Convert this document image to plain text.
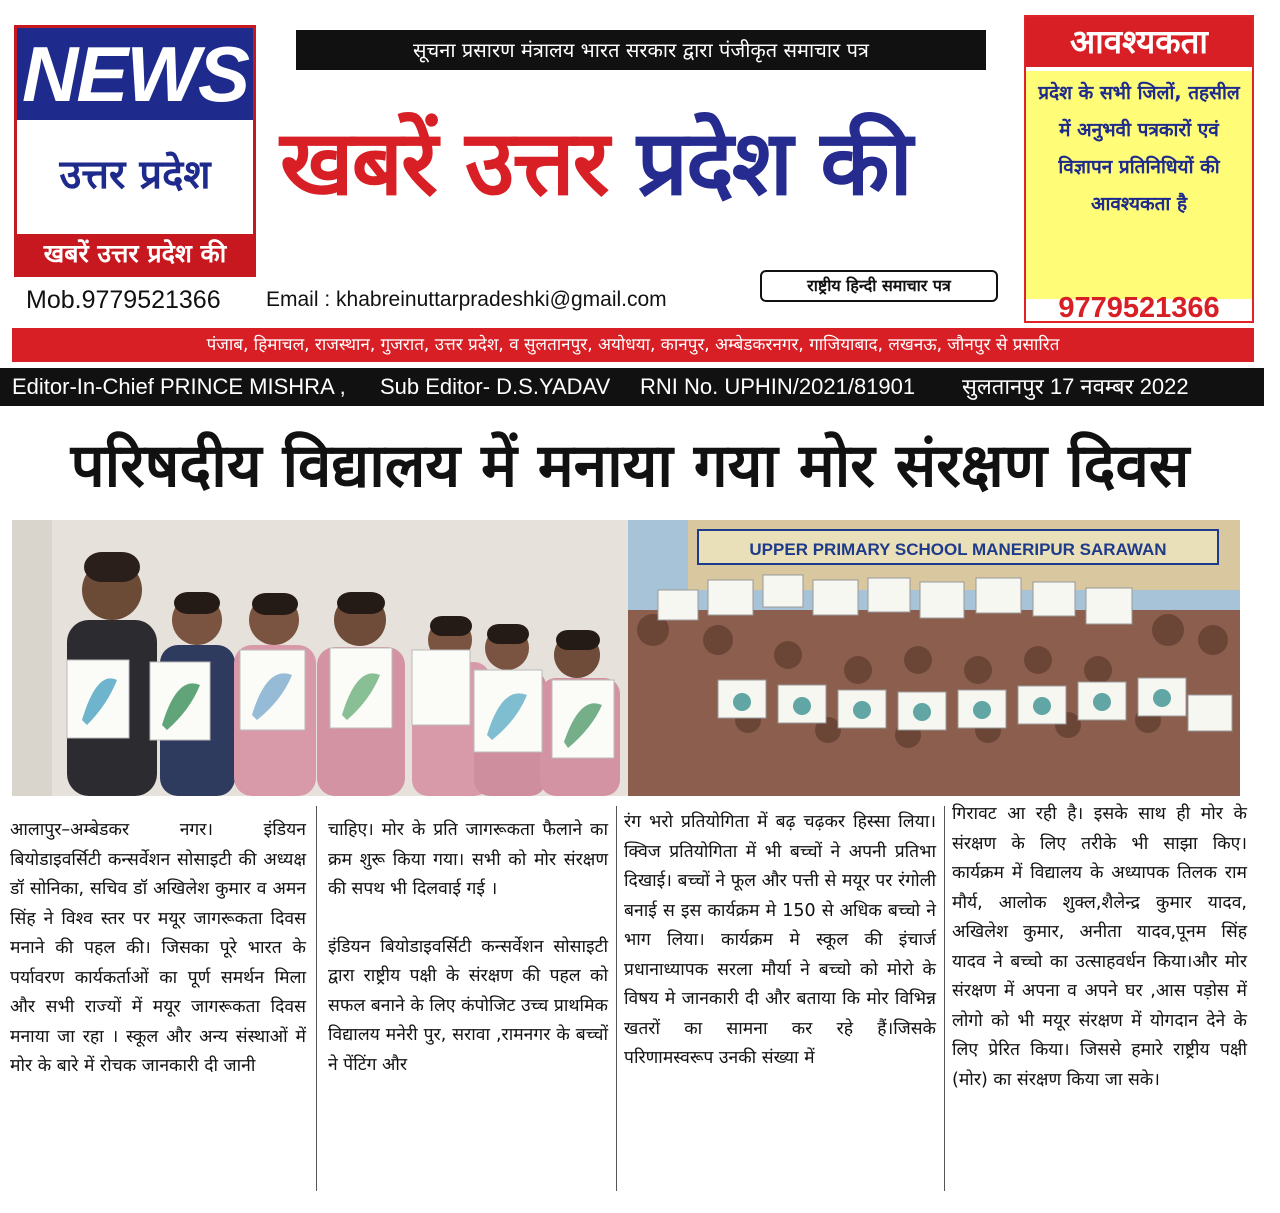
NEWS
उत्तर प्रदेश
खबरें उत्तर प्रदेश की
सूचना प्रसारण मंत्रालय भारत सरकार द्वारा पंजीकृत समाचार पत्र
खबरें उत्तर प्रदेश की
राष्ट्रीय हिन्दी समाचार पत्र
Mob.9779521366 Email : khabreinuttarpradeshki@gmail.com
आवश्यकता
प्रदेश के सभी जिलों, तहसील में अनुभवी पत्रकारों एवं विज्ञापन प्रतिनिधियों की आवश्यकता है
9779521366
पंजाब, हिमाचल, राजस्थान, गुजरात, उत्तर प्रदेश, व सुलतानपुर, अयोधया, कानपुर, अम्बेडकरनगर, गाजियाबाद, लखनऊ, जौनपुर से प्रसारित
Editor-In-Chief PRINCE MISHRA , Sub Editor- D.S.YADAV RNI No. UPHIN/2021/81901 सुलतानपुर 17 नवम्बर 2022
परिषदीय विद्यालय में मनाया गया मोर संरक्षण दिवस
UPPER PRIMARY SCHOOL MANERIPUR SARAWAN

आलापुर–अम्बेडकर नगर। इंडियन बियोडाइवर्सिटी कन्सर्वेशन सोसाइटी की अध्यक्ष डॉ सोनिका, सचिव डॉ अखिलेश कुमार व अमन सिंह ने विश्व स्तर पर मयूर जागरूकता दिवस मनाने की पहल की। जिसका पूरे भारत के पर्यावरण कार्यकर्ताओं का पूर्ण समर्थन मिला और सभी राज्यों में मयूर जागरूकता दिवस मनाया जा रहा । स्कूल और अन्य संस्थाओं में मोर के बारे में रोचक जानकारी दी जानी

चाहिए। मोर के प्रति जागरूकता फैलाने का क्रम शुरू किया गया। सभी को मोर संरक्षण की सपथ भी दिलवाई गई ।

इंडियन बियोडाइवर्सिटी कन्सर्वेशन सोसाइटी द्वारा राष्ट्रीय पक्षी के संरक्षण की पहल को सफल बनाने के लिए कंपोजिट उच्च प्राथमिक विद्यालय मनेरी पुर, सरावा ,रामनगर के बच्चों ने पेंटिंग और

रंग भरो प्रतियोगिता में बढ़ चढ़कर हिस्सा लिया। क्विज प्रतियोगिता में भी बच्चों ने अपनी प्रतिभा दिखाई। बच्चों ने फूल और पत्ती से मयूर पर रंगोली बनाई स इस कार्यक्रम मे 150 से अधिक बच्चो ने भाग लिया। कार्यक्रम मे स्कूल की इंचार्ज प्रधानाध्यापक सरला मौर्या ने बच्चो को मोरो के विषय मे जानकारी दी और बताया कि मोर विभिन्न खतरों का सामना कर रहे हैं।जिसके परिणामस्वरूप उनकी संख्या में

गिरावट आ रही है। इसके साथ ही मोर के संरक्षण के लिए तरीके भी साझा किए। कार्यक्रम में विद्यालय के अध्यापक तिलक राम मौर्य, आलोक शुक्ल,शैलेन्द्र कुमार यादव, अखिलेश कुमार, अनीता यादव,पूनम सिंह यादव ने बच्चो का उत्साहवर्धन किया।और मोर संरक्षण में अपना व अपने घर ,आस पड़ोस में लोगो को भी मयूर संरक्षण में योगदान देने के लिए प्रेरित किया। जिससे हमारे राष्ट्रीय पक्षी (मोर) का संरक्षण किया जा सके।
